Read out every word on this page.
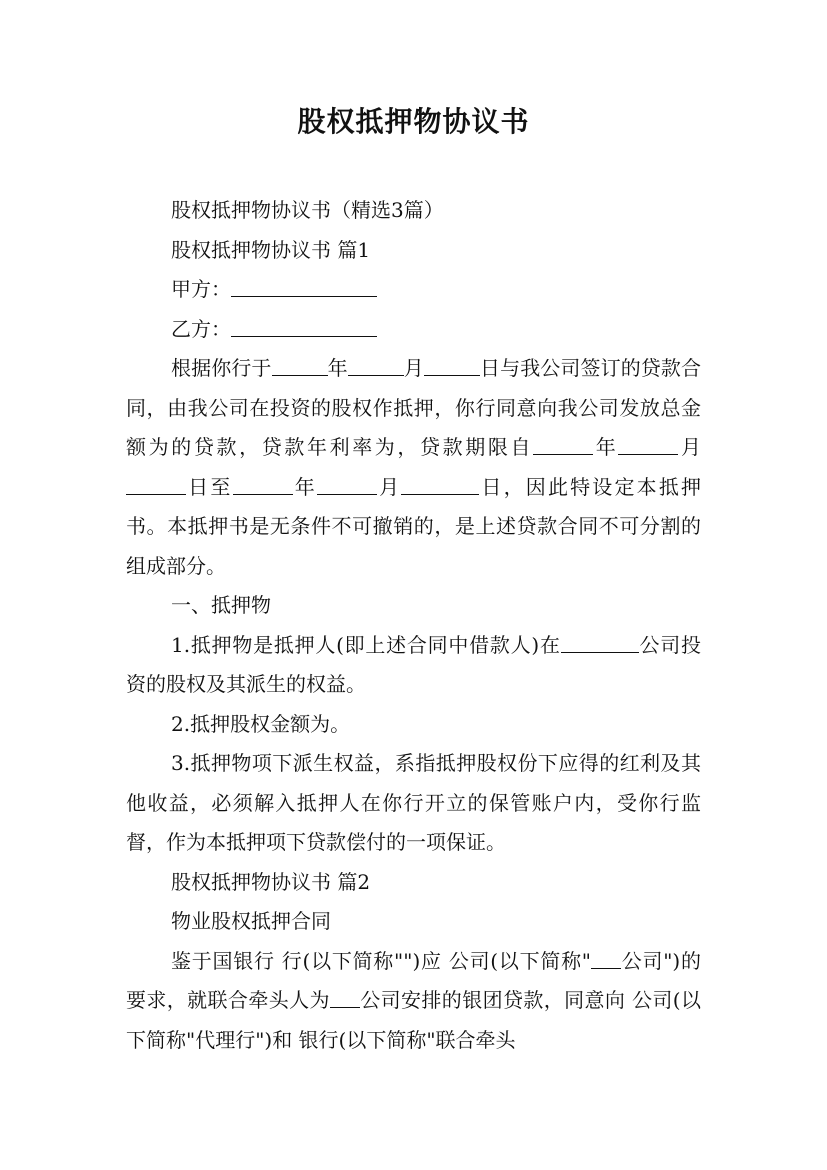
股权抵押物协议书

股权抵押物协议书（精选3篇）

股权抵押物协议书 篇1

甲方：

乙方：

根据你行于	年	月	日与我公司签订的贷款合同，由我公司在投资的股权作抵押，你行同意向我公司发放总金额为的贷款，贷款年利率为，贷款期限自	年	月日至	年	月	日，因此特设定本抵押书。本抵押书是无条件不可撤销的，是上述贷款合同不可分割的组成部分。

一、抵押物

1.抵押物是抵押人(即上述合同中借款人)在	公司投资的股权及其派生的权益。

2.抵押股权金额为。

3.抵押物项下派生权益，系指抵押股权份下应得的红利及其他收益，必须解入抵押人在你行开立的保管账户内，受你行监督，作为本抵押项下贷款偿付的一项保证。

股权抵押物协议书 篇2

物业股权抵押合同

鉴于国银行 行(以下简称"")应 公司(以下简称" 公司")的要求，就联合牵头人为 公司安排的银团贷款，同意向 公司(以下简称"代理行")和 银行(以下简称"联合牵头
